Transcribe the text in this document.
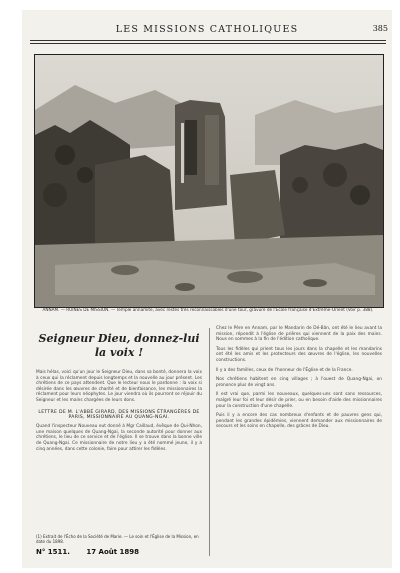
LES MISSIONS CATHOLIQUES	385
ANNAM. — RUINES DE MISSION. — Temple annamite, avec restes très reconnaissables d'une tour, gravure de l'École française d'Extrême-Orient (Voir p. 388).
Seigneur Dieu, donnez-lui la voix !

Mais hélas, voici qu'un jour le Seigneur Dieu, dans sa bonté, donnera la voix à ceux qui la réclament depuis longtemps et la nouvelle au jour présent. Les chrétiens de ce pays attendent. Que le lecteur nous le pardonne : la voix si désirée dans les œuvres de charité et de bienfaisance, les missionnaires la réclament pour leurs néophytes. Le jour viendra où ils pourront se réjouir du Seigneur et les mains chargées de leurs dons.

LETTRE DE M. L'ABBÉ GIRARD, DES MISSIONS ÉTRANGÈRES DE PARIS, MISSIONNAIRE AU QUANG-NGAI.

Quand l'inspecteur Nouveau eut donné à Mgr Caillaud, évêque de Qui-Nhon, une maison quelques de Quang-Ngai, la seconde autorité pour donner aux chrétiens, le lieu de ce service et de l'église. Il se trouve dans la bonne ville de Quang-Ngai. Ce missionnaire de notre lieu y a été nommé jeune, il y a cinq années, dans cette colonie, faire pour attirer les fidèles.

Chez le Père en Annam, par le Mandarin de Dé-Bân, ont été le lieu avant la mission, répondit à l'église de prières qui viennent de la paix des mains. Nous en sommes à la fin de l'édition catholique.

Tous les fidèles qui prient tous les jours dans la chapelle et les mandarins ont été les amis et les protecteurs des œuvres de l'église, les nouvelles constructions.

Il y a des familles, ceux de l'honneur de l'Église et de la France.

Nos chrétiens habitent en cinq villages ; à l'ouest de Quang-Ngai, on prononce plus de vingt ans.

Il est vrai que, parmi les nouveaux, quelques-uns sont sans ressources, malgré leur foi et leur désir de prier, ou en besoin d'aide des missionnaires pour la construction d'une chapelle.

Puis il y a encore des cas nombreux d'enfants et de pauvres gens qui, pendant les grandes épidémies, viennent demander aux missionnaires de secours et les soins en chapelle, des grâces de Dieu.

(1) Extrait de l'Écho de la Société de Marie. — Le soin et l'Église de la Mission, en date du 1898.
N° 1511. 17 Août 1898
